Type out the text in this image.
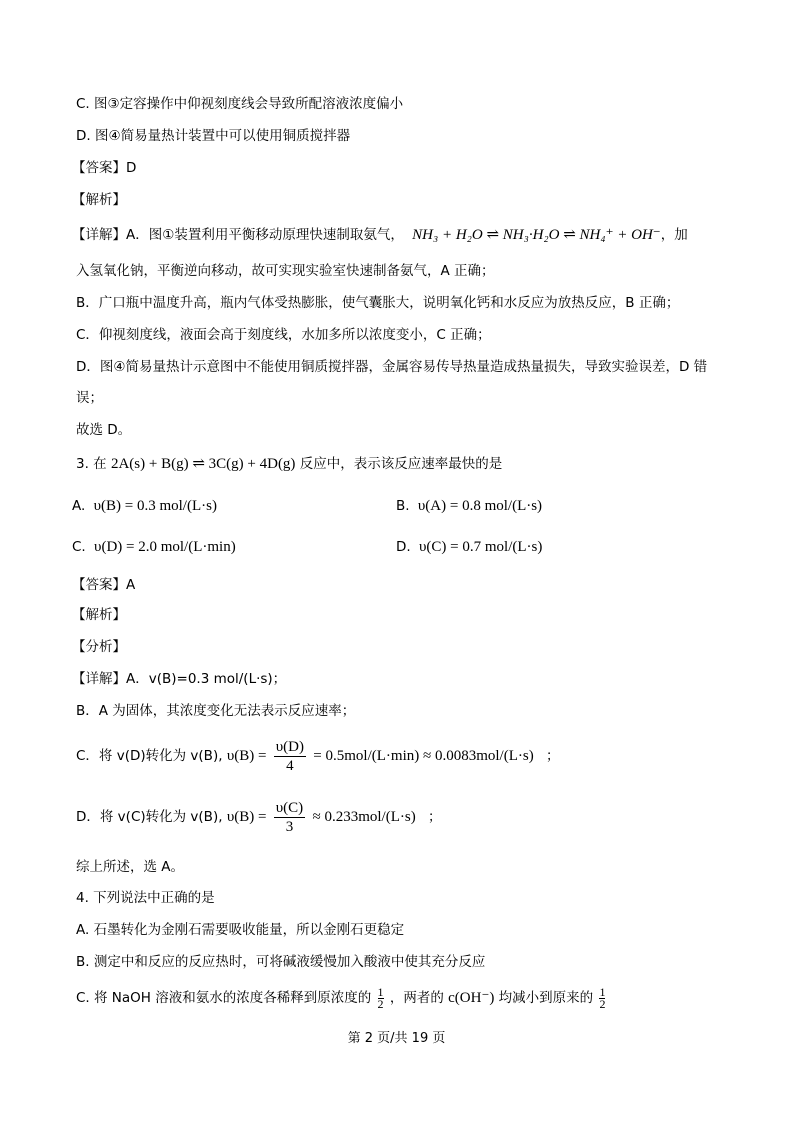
C. 图③定容操作中仰视刻度线会导致所配溶液浓度偏小
D. 图④简易量热计装置中可以使用铜质搅拌器
【答案】D
【解析】
【详解】A．图①装置利用平衡移动原理快速制取氨气， NH₃ + H₂O ⇌ NH₃·H₂O ⇌ NH₄⁺ + OH⁻，加
入氢氧化钠，平衡逆向移动，故可实现实验室快速制备氨气，A 正确；
B．广口瓶中温度升高，瓶内气体受热膨胀，使气囊胀大，说明氧化钙和水反应为放热反应，B 正确；
C．仰视刻度线，液面会高于刻度线，水加多所以浓度变小，C 正确；
D．图④简易量热计示意图中不能使用铜质搅拌器，金属容易传导热量造成热量损失，导致实验误差，D 错
误；
故选 D。
3. 在 2A(s) + B(g) ⇌ 3C(g) + 4D(g) 反应中，表示该反应速率最快的是
A. υ(B) = 0.3 mol/(L·s)	B. υ(A) = 0.8 mol/(L·s)
C. υ(D) = 2.0 mol/(L·min)	D. υ(C) = 0.7 mol/(L·s)
【答案】A
【解析】
【分析】
【详解】A．v(B)=0.3 mol/(L·s)；
B．A 为固体，其浓度变化无法表示反应速率；
C．将 v(D)转化为 v(B), $\upsilon(B) = \frac{\upsilon(D)}{4} = 0.5mol/(L\cdot\min) \approx 0.0083mol/(L\cdot s)$ ；
D．将 v(C)转化为 v(B), $\upsilon(B) = \frac{\upsilon(C)}{3} \approx 0.233mol/(L\cdot s)$ ；
综上所述，选 A。
4. 下列说法中正确的是
A. 石墨转化为金刚石需要吸收能量，所以金刚石更稳定
B. 测定中和反应的反应热时，可将碱液缓慢加入酸液中使其充分反应
C. 将 NaOH 溶液和氨水的浓度各稀释到原浓度的 $\frac{1}{2}$ ，两者的 c(OH⁻) 均减小到原来的 $\frac{1}{2}$
第 2 页/共 19 页
